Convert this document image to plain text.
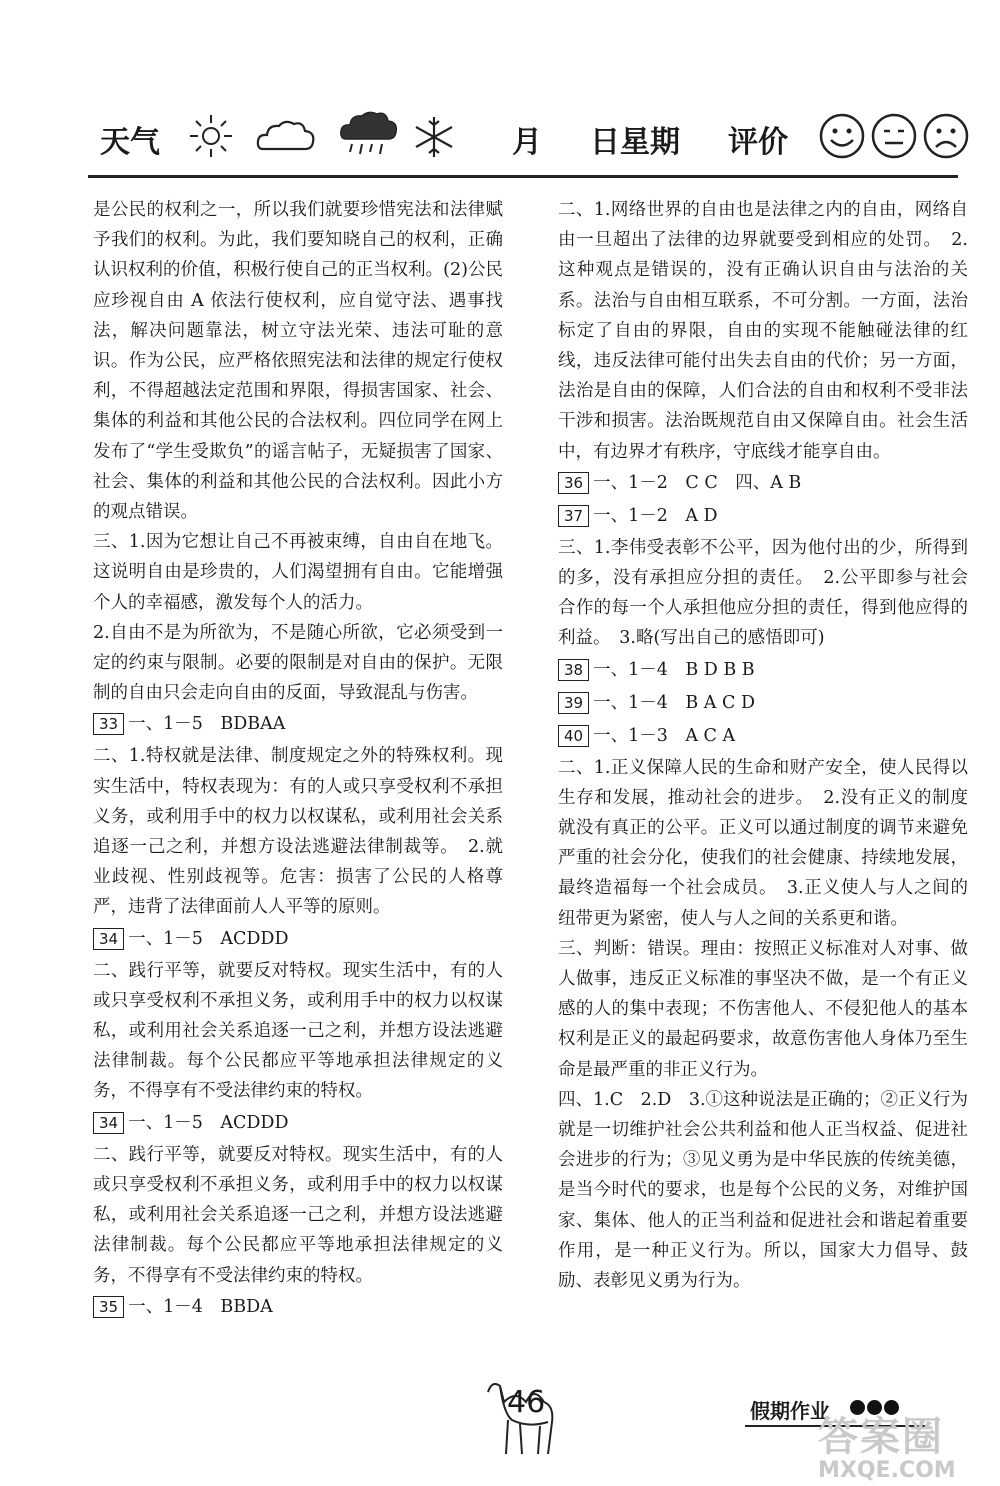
天气	月 日星期 评价

是公民的权利之一，所以我们就要珍惜宪法和法律赋予我们的权利。为此，我们要知晓自己的权利，正确认识权利的价值，积极行使自己的正当权利。(2)公民应珍视自由 A 依法行使权利，应自觉守法、遇事找法，解决问题靠法，树立守法光荣、违法可耻的意识。作为公民，应严格依照宪法和法律的规定行使权利，不得超越法定范围和界限，得损害国家、社会、集体的利益和其他公民的合法权利。四位同学在网上发布了“学生受欺负”的谣言帖子，无疑损害了国家、社会、集体的利益和其他公民的合法权利。因此小方的观点错误。

三、1.因为它想让自己不再被束缚，自由自在地飞。这说明自由是珍贵的，人们渴望拥有自由。它能增强个人的幸福感，激发每个人的活力。

2.自由不是为所欲为，不是随心所欲，它必须受到一定的约束与限制。必要的限制是对自由的保护。无限制的自由只会走向自由的反面，导致混乱与伤害。

33 一、1－5　BDBAA

二、1.特权就是法律、制度规定之外的特殊权利。现实生活中，特权表现为：有的人或只享受权利不承担义务，或利用手中的权力以权谋私，或利用社会关系追逐一己之利，并想方设法逃避法律制裁等。　2.就业歧视、性别歧视等。危害：损害了公民的人格尊严，违背了法律面前人人平等的原则。

34 一、1－5　ACDDD

二、践行平等，就要反对特权。现实生活中，有的人或只享受权利不承担义务，或利用手中的权力以权谋私，或利用社会关系追逐一己之利，并想方设法逃避法律制裁。每个公民都应平等地承担法律规定的义务，不得享有不受法律约束的特权。

34 一、1－5　ACDDD

二、践行平等，就要反对特权。现实生活中，有的人或只享受权利不承担义务，或利用手中的权力以权谋私，或利用社会关系追逐一己之利，并想方设法逃避法律制裁。每个公民都应平等地承担法律规定的义务，不得享有不受法律约束的特权。

35 一、1－4　BBDA

二、1.网络世界的自由也是法律之内的自由，网络自由一旦超出了法律的边界就要受到相应的处罚。　2.这种观点是错误的，没有正确认识自由与法治的关系。法治与自由相互联系，不可分割。一方面，法治标定了自由的界限，自由的实现不能触碰法律的红线，违反法律可能付出失去自由的代价；另一方面，法治是自由的保障，人们合法的自由和权利不受非法干涉和损害。法治既规范自由又保障自由。社会生活中，有边界才有秩序，守底线才能享自由。

36 一、1－2　C C　四、A B
37 一、1－2　A D

三、1.李伟受表彰不公平，因为他付出的少，所得到的多，没有承担应分担的责任。　2.公平即参与社会合作的每一个人承担他应分担的责任，得到他应得的利益。　3.略(写出自己的感悟即可)

38 一、1－4　B D B B
39 一、1－4　B A C D
40 一、1－3　A C A

二、1.正义保障人民的生命和财产安全，使人民得以生存和发展，推动社会的进步。　2.没有正义的制度就没有真正的公平。正义可以通过制度的调节来避免严重的社会分化，使我们的社会健康、持续地发展，最终造福每一个社会成员。　3.正义使人与人之间的纽带更为紧密，使人与人之间的关系更和谐。

三、判断：错误。理由：按照正义标准对人对事、做人做事，违反正义标准的事坚决不做，是一个有正义感的人的集中表现；不伤害他人、不侵犯他人的基本权利是正义的最起码要求，故意伤害他人身体乃至生命是最严重的非正义行为。

四、1.C　2.D　3.①这种说法是正确的；②正义行为就是一切维护社会公共利益和他人正当权益、促进社会进步的行为；③见义勇为是中华民族的传统美德，是当今时代的要求，也是每个公民的义务，对维护国家、集体、他人的正当利益和促进社会和谐起着重要作用，是一种正义行为。所以，国家大力倡导、鼓励、表彰见义勇为行为。

46	假期作业
答案圈
MXQE.COM
